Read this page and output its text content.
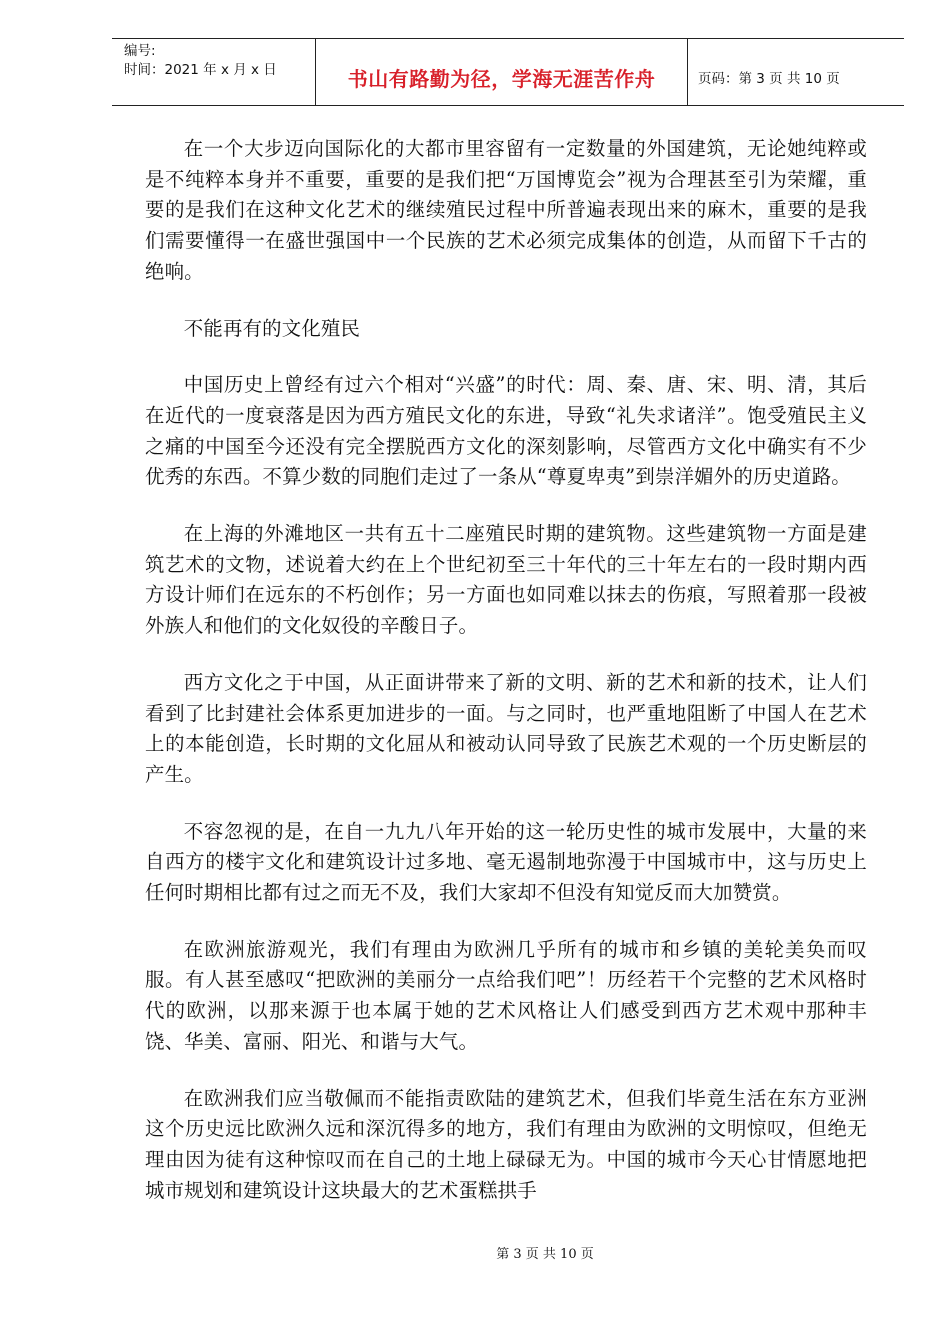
编号:
时间：2021 年 x 月 x 日	书山有路勤为径，学海无涯苦作舟	页码：第 3 页 共 10 页

在一个大步迈向国际化的大都市里容留有一定数量的外国建筑，无论她纯粹或是不纯粹本身并不重要，重要的是我们把“万国博览会”视为合理甚至引为荣耀，重要的是我们在这种文化艺术的继续殖民过程中所普遍表现出来的麻木，重要的是我们需要懂得一在盛世强国中一个民族的艺术必须完成集体的创造，从而留下千古的绝响。

不能再有的文化殖民

中国历史上曾经有过六个相对“兴盛”的时代：周、秦、唐、宋、明、清，其后在近代的一度衰落是因为西方殖民文化的东进，导致“礼失求诸洋”。饱受殖民主义之痛的中国至今还没有完全摆脱西方文化的深刻影响，尽管西方文化中确实有不少优秀的东西。不算少数的同胞们走过了一条从“尊夏卑夷”到崇洋媚外的历史道路。

在上海的外滩地区一共有五十二座殖民时期的建筑物。这些建筑物一方面是建筑艺术的文物，述说着大约在上个世纪初至三十年代的三十年左右的一段时期内西方设计师们在远东的不朽创作；另一方面也如同难以抹去的伤痕，写照着那一段被外族人和他们的文化奴役的辛酸日子。

西方文化之于中国，从正面讲带来了新的文明、新的艺术和新的技术，让人们看到了比封建社会体系更加进步的一面。与之同时，也严重地阻断了中国人在艺术上的本能创造，长时期的文化屈从和被动认同导致了民族艺术观的一个历史断层的产生。

不容忽视的是，在自一九九八年开始的这一轮历史性的城市发展中，大量的来自西方的楼宇文化和建筑设计过多地、毫无遏制地弥漫于中国城市中，这与历史上任何时期相比都有过之而无不及，我们大家却不但没有知觉反而大加赞赏。

在欧洲旅游观光，我们有理由为欧洲几乎所有的城市和乡镇的美轮美奂而叹服。有人甚至感叹“把欧洲的美丽分一点给我们吧”！历经若干个完整的艺术风格时代的欧洲，以那来源于也本属于她的艺术风格让人们感受到西方艺术观中那种丰饶、华美、富丽、阳光、和谐与大气。

在欧洲我们应当敬佩而不能指责欧陆的建筑艺术，但我们毕竟生活在东方亚洲这个历史远比欧洲久远和深沉得多的地方，我们有理由为欧洲的文明惊叹，但绝无理由因为徒有这种惊叹而在自己的土地上碌碌无为。中国的城市今天心甘情愿地把城市规划和建筑设计这块最大的艺术蛋糕拱手

第 3 页 共 10 页
